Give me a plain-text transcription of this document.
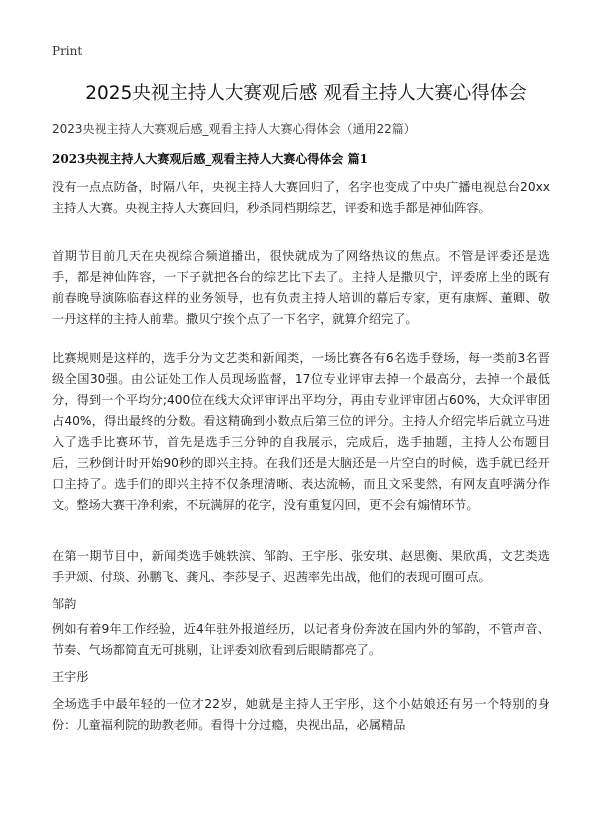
Print
2025央视主持人大赛观后感 观看主持人大赛心得体会
2023央视主持人大赛观后感_观看主持人大赛心得体会（通用22篇）
2023央视主持人大赛观后感_观看主持人大赛心得体会 篇1

没有一点点防备，时隔八年，央视主持人大赛回归了，名字也变成了中央广播电视总台20xx主持人大赛。央视主持人大赛回归，秒杀同档期综艺，评委和选手都是神仙阵容。

首期节目前几天在央视综合频道播出，很快就成为了网络热议的焦点。不管是评委还是选手，都是神仙阵容，一下子就把各台的综艺比下去了。主持人是撒贝宁，评委席上坐的既有前春晚导演陈临春这样的业务领导，也有负责主持人培训的幕后专家，更有康辉、董卿、敬一丹这样的主持人前辈。撒贝宁挨个点了一下名字，就算介绍完了。

比赛规则是这样的，选手分为文艺类和新闻类，一场比赛各有6名选手登场，每一类前3名晋级全国30强。由公证处工作人员现场监督，17位专业评审去掉一个最高分，去掉一个最低分，得到一个平均分;400位在线大众评审评出平均分，再由专业评审团占60%，大众评审团占40%，得出最终的分数。看这精确到小数点后第三位的评分。主持人介绍完毕后就立马进入了选手比赛环节，首先是选手三分钟的自我展示，完成后，选手抽题，主持人公布题目后，三秒倒计时开始90秒的即兴主持。在我们还是大脑还是一片空白的时候，选手就已经开口主持了。选手们的即兴主持不仅条理清晰、表达流畅，而且文采斐然，有网友直呼满分作文。整场大赛干净利索，不玩满屏的花字，没有重复闪回，更不会有煽情环节。

在第一期节目中，新闻类选手姚轶滨、邹韵、王宇彤、张安琪、赵思衡、果欣禹，文艺类选手尹颂、付琰、孙鹏飞、龚凡、李莎旻子、迟茜率先出战，他们的表现可圈可点。

邹韵

例如有着9年工作经验，近4年驻外报道经历，以记者身份奔波在国内外的邹韵，不管声音、节奏、气场都简直无可挑剔，让评委刘欣看到后眼睛都亮了。

王宇彤

全场选手中最年轻的一位才22岁，她就是主持人王宇彤，这个小姑娘还有另一个特别的身份：儿童福利院的助教老师。看得十分过瘾，央视出品，必属精品
